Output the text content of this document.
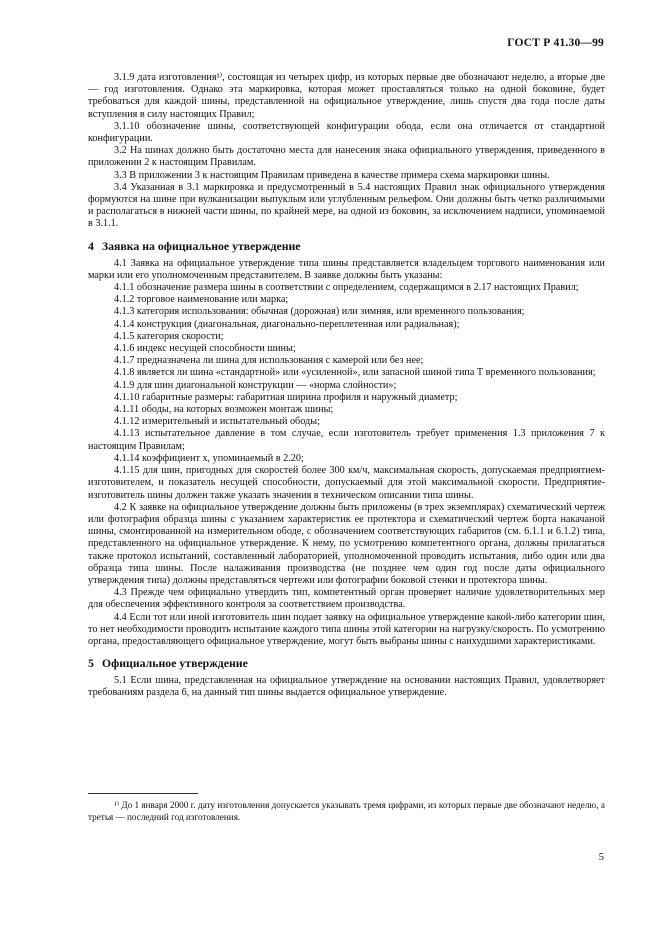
ГОСТ Р 41.30—99

3.1.9 дата изготовления¹⁾, состоящая из четырех цифр, из которых первые две обозначают неделю, а вторые две — год изготовления. Однако эта маркировка, которая может проставляться только на одной боковине, будет требоваться для каждой шины, представленной на официальное утверждение, лишь спустя два года после даты вступления в силу настоящих Правил;

3.1.10 обозначение шины, соответствующей конфигурации обода, если она отличается от стандартной конфигурации.

3.2 На шинах должно быть достаточно места для нанесения знака официального утверждения, приведенного в приложении 2 к настоящим Правилам.

3.3 В приложении 3 к настоящим Правилам приведена в качестве примера схема маркировки шины.

3.4 Указанная в 3.1 маркировка и предусмотренный в 5.4 настоящих Правил знак официального утверждения формуются на шине при вулканизации выпуклым или углубленным рельефом. Они должны быть четко различимыми и располагаться в нижней части шины, по крайней мере, на одной из боковин, за исключением надписи, упоминаемой в 3.1.1.

4 Заявка на официальное утверждение

4.1 Заявка на официальное утверждение типа шины представляется владельцем торгового наименования или марки или его уполномоченным представителем. В заявке должны быть указаны:

4.1.1 обозначение размера шины в соответствии с определением, содержащимся в 2.17 настоящих Правил;

4.1.2 торговое наименование или марка;

4.1.3 категория использования: обычная (дорожная) или зимняя, или временного пользования;

4.1.4 конструкция (диагональная, диагонально-переплетенная или радиальная);

4.1.5 категория скорости;

4.1.6 индекс несущей способности шины;

4.1.7 предназначена ли шина для использования с камерой или без нее;

4.1.8 является ли шина «стандартной» или «усиленной», или запасной шиной типа Т временного пользования;

4.1.9 для шин диагональной конструкции — «норма слойности»;

4.1.10 габаритные размеры: габаритная ширина профиля и наружный диаметр;

4.1.11 ободы, на которых возможен монтаж шины;

4.1.12 измерительный и испытательный ободы;

4.1.13 испытательное давление в том случае, если изготовитель требует применения 1.3 приложения 7 к настоящим Правилам;

4.1.14 коэффициент х, упоминаемый в 2.20;

4.1.15 для шин, пригодных для скоростей более 300 км/ч, максимальная скорость, допускаемая предприятием-изготовителем, и показатель несущей способности, допускаемый для этой максимальной скорости. Предприятие-изготовитель шины должен также указать значения в техническом описании типа шины.

4.2 К заявке на официальное утверждение должны быть приложены (в трех экземплярах) схематический чертеж или фотография образца шины с указанием характеристик ее протектора и схематический чертеж борта накачаной шины, смонтированной на измерительном ободе, с обозначением соответствующих габаритов (см. 6.1.1 и 6.1.2) типа, представленного на официальное утверждение. К нему, по усмотрению компетентного органа, должны прилагаться также протокол испытаний, составленный лабораторией, уполномоченной проводить испытания, либо один или два образца типа шины. После налаживания производства (не позднее чем один год после даты официального утверждения типа) должны представляться чертежи или фотографии боковой стенки и протектора шины.

4.3 Прежде чем официально утвердить тип, компетентный орган проверяет наличие удовлетворительных мер для обеспечения эффективного контроля за соответствием производства.

4.4 Если тот или иной изготовитель шин подает заявку на официальное утверждение какой-либо категории шин, то нет необходимости проводить испытание каждого типа шины этой категории на нагрузку/скорость. По усмотрению органа, предоставляющего официальное утверждение, могут быть выбраны шины с наихудшими характеристиками.

5 Официальное утверждение

5.1 Если шина, представленная на официальное утверждение на основании настоящих Правил, удовлетворяет требованиям раздела 6, на данный тип шины выдается официальное утверждение.

¹⁾ До 1 января 2000 г. дату изготовления допускается указывать тремя цифрами, из которых первые две обозначают неделю, а третья — последний год изготовления.

5
